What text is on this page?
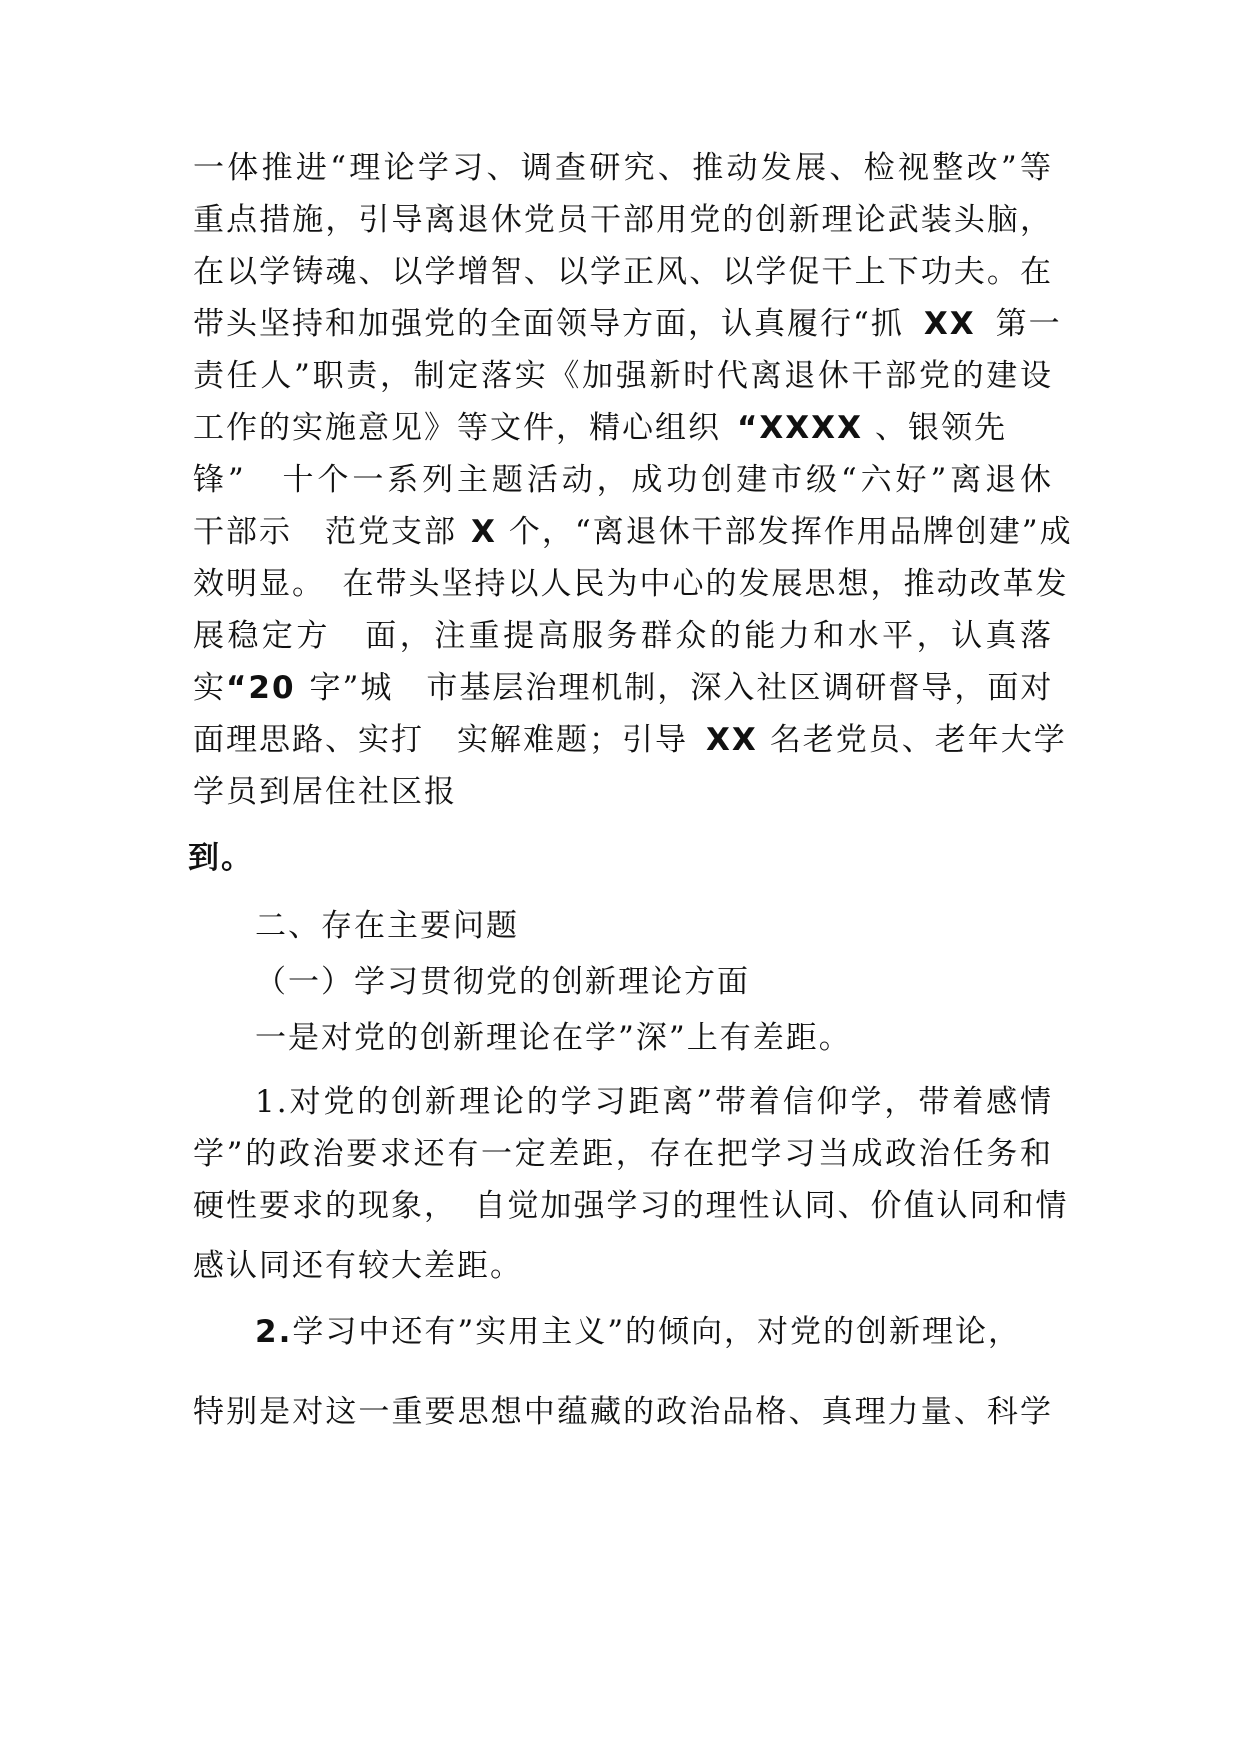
一体推进“理论学习、调查研究、推动发展、检视整改”等
重点措施，引导离退休党员干部用党的创新理论武装头脑，
在以学铸魂、以学增智、以学正风、以学促干上下功夫。在
带头坚持和加强党的全面领导方面，认真履行“抓 XX 第一
责任人”职责，制定落实《加强新时代离退休干部党的建设
工作的实施意见》等文件，精心组织 “XXXX 、银领先
锋”　十个一系列主题活动，成功创建市级“六好”离退休
干部示　范党支部 X 个，“离退休干部发挥作用品牌创建”成
效明显。　在带头坚持以人民为中心的发展思想，推动改革发
展稳定方　面，注重提高服务群众的能力和水平，认真落
实“20 字”城　市基层治理机制，深入社区调研督导，面对
面理思路、实打　实解难题；引导 XX 名老党员、老年大学
学员到居住社区报
到。
二、存在主要问题
（一）学习贯彻党的创新理论方面
一是对党的创新理论在学”深”上有差距。
1.对党的创新理论的学习距离”带着信仰学，带着感情
学”的政治要求还有一定差距，存在把学习当成政治任务和
硬性要求的现象，　自觉加强学习的理性认同、价值认同和情
感认同还有较大差距。
2.学习中还有”实用主义”的倾向，对党的创新理论，
特别是对这一重要思想中蕴藏的政治品格、真理力量、科学
